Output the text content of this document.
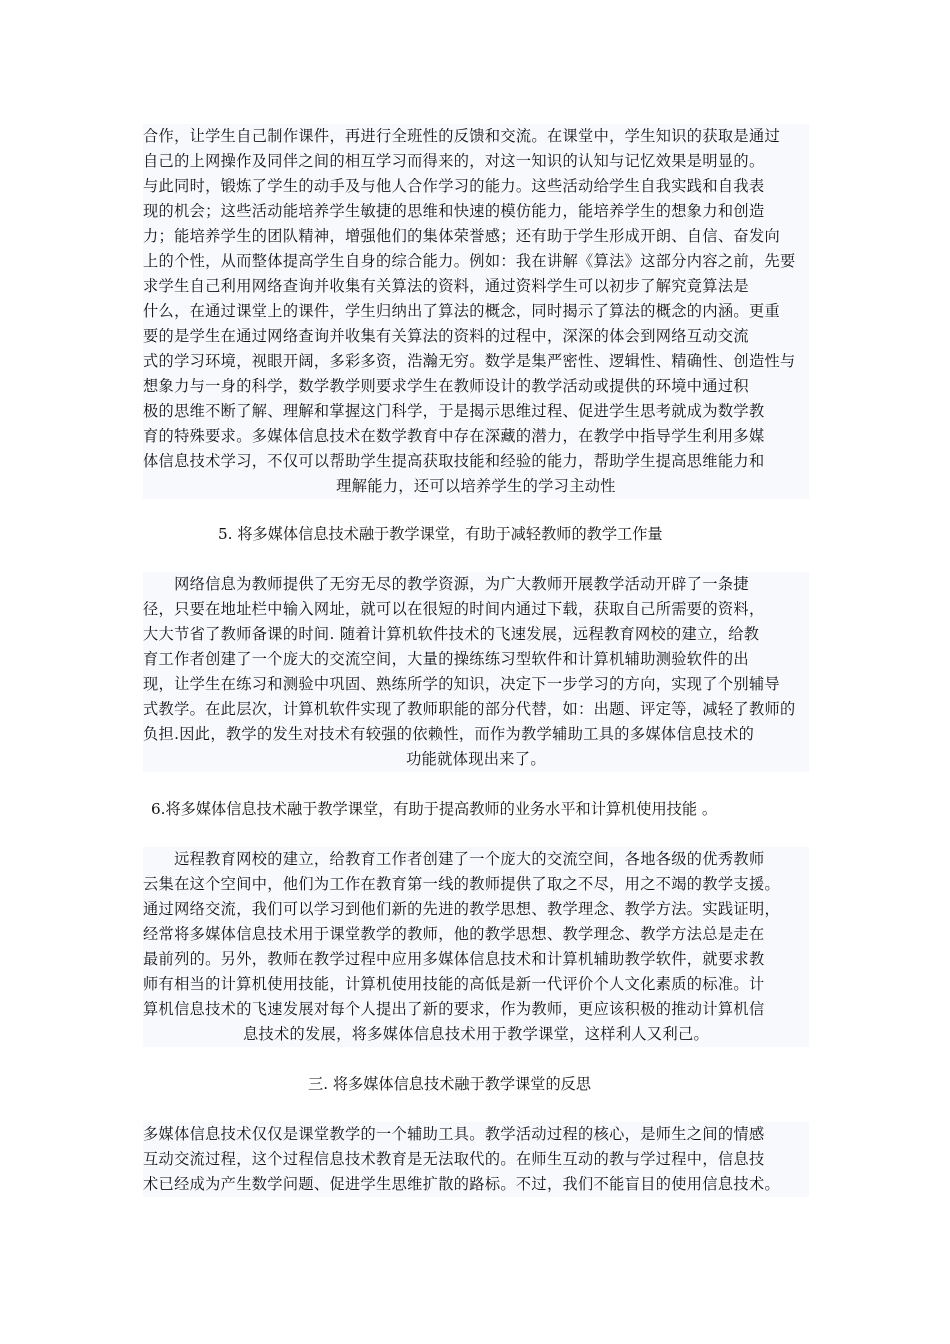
合作，让学生自己制作课件，再进行全班性的反馈和交流。在课堂中，学生知识的获取是通过
自己的上网操作及同伴之间的相互学习而得来的，对这一知识的认知与记忆效果是明显的。
与此同时，锻炼了学生的动手及与他人合作学习的能力。这些活动给学生自我实践和自我表
现的机会；这些活动能培养学生敏捷的思维和快速的模仿能力，能培养学生的想象力和创造
力；能培养学生的团队精神，增强他们的集体荣誉感；还有助于学生形成开朗、自信、奋发向
上的个性，从而整体提高学生自身的综合能力。例如：我在讲解《算法》这部分内容之前，先要
求学生自己利用网络查询并收集有关算法的资料，通过资料学生可以初步了解究竟算法是
什么，在通过课堂上的课件，学生归纳出了算法的概念，同时揭示了算法的概念的内涵。更重
要的是学生在通过网络查询并收集有关算法的资料的过程中，深深的体会到网络互动交流
式的学习环境，视眼开阔，多彩多资，浩瀚无穷。数学是集严密性、逻辑性、精确性、创造性与
想象力与一身的科学，数学教学则要求学生在教师设计的教学活动或提供的环境中通过积
极的思维不断了解、理解和掌握这门科学，于是揭示思维过程、促进学生思考就成为数学教
育的特殊要求。多媒体信息技术在数学教育中存在深藏的潜力，在教学中指导学生利用多媒
体信息技术学习，不仅可以帮助学生提高获取技能和经验的能力，帮助学生提高思维能力和
理解能力，还可以培养学生的学习主动性
5. 将多媒体信息技术融于教学课堂，有助于减轻教师的教学工作量
　　网络信息为教师提供了无穷无尽的教学资源，为广大教师开展教学活动开辟了一条捷
径，只要在地址栏中输入网址，就可以在很短的时间内通过下载，获取自己所需要的资料，
大大节省了教师备课的时间. 随着计算机软件技术的飞速发展，远程教育网校的建立，给教
育工作者创建了一个庞大的交流空间，大量的操练练习型软件和计算机辅助测验软件的出
现，让学生在练习和测验中巩固、熟练所学的知识，决定下一步学习的方向，实现了个别辅导
式教学。在此层次，计算机软件实现了教师职能的部分代替，如：出题、评定等，减轻了教师的
负担.因此，教学的发生对技术有较强的依赖性，而作为教学辅助工具的多媒体信息技术的
功能就体现出来了。
6.将多媒体信息技术融于教学课堂，有助于提高教师的业务水平和计算机使用技能 。
　　远程教育网校的建立，给教育工作者创建了一个庞大的交流空间，各地各级的优秀教师
云集在这个空间中，他们为工作在教育第一线的教师提供了取之不尽，用之不竭的教学支援。
通过网络交流，我们可以学习到他们新的先进的教学思想、教学理念、教学方法。实践证明，
经常将多媒体信息技术用于课堂教学的教师，他的教学思想、教学理念、教学方法总是走在
最前列的。另外，教师在教学过程中应用多媒体信息技术和计算机辅助教学软件，就要求教
师有相当的计算机使用技能，计算机使用技能的高低是新一代评价个人文化素质的标准。计
算机信息技术的飞速发展对每个人提出了新的要求，作为教师，更应该积极的推动计算机信
息技术的发展，将多媒体信息技术用于教学课堂，这样利人又利己。
三. 将多媒体信息技术融于教学课堂的反思
多媒体信息技术仅仅是课堂教学的一个辅助工具。教学活动过程的核心，是师生之间的情感
互动交流过程，这个过程信息技术教育是无法取代的。在师生互动的教与学过程中，信息技
术已经成为产生数学问题、促进学生思维扩散的路标。不过，我们不能盲目的使用信息技术。
